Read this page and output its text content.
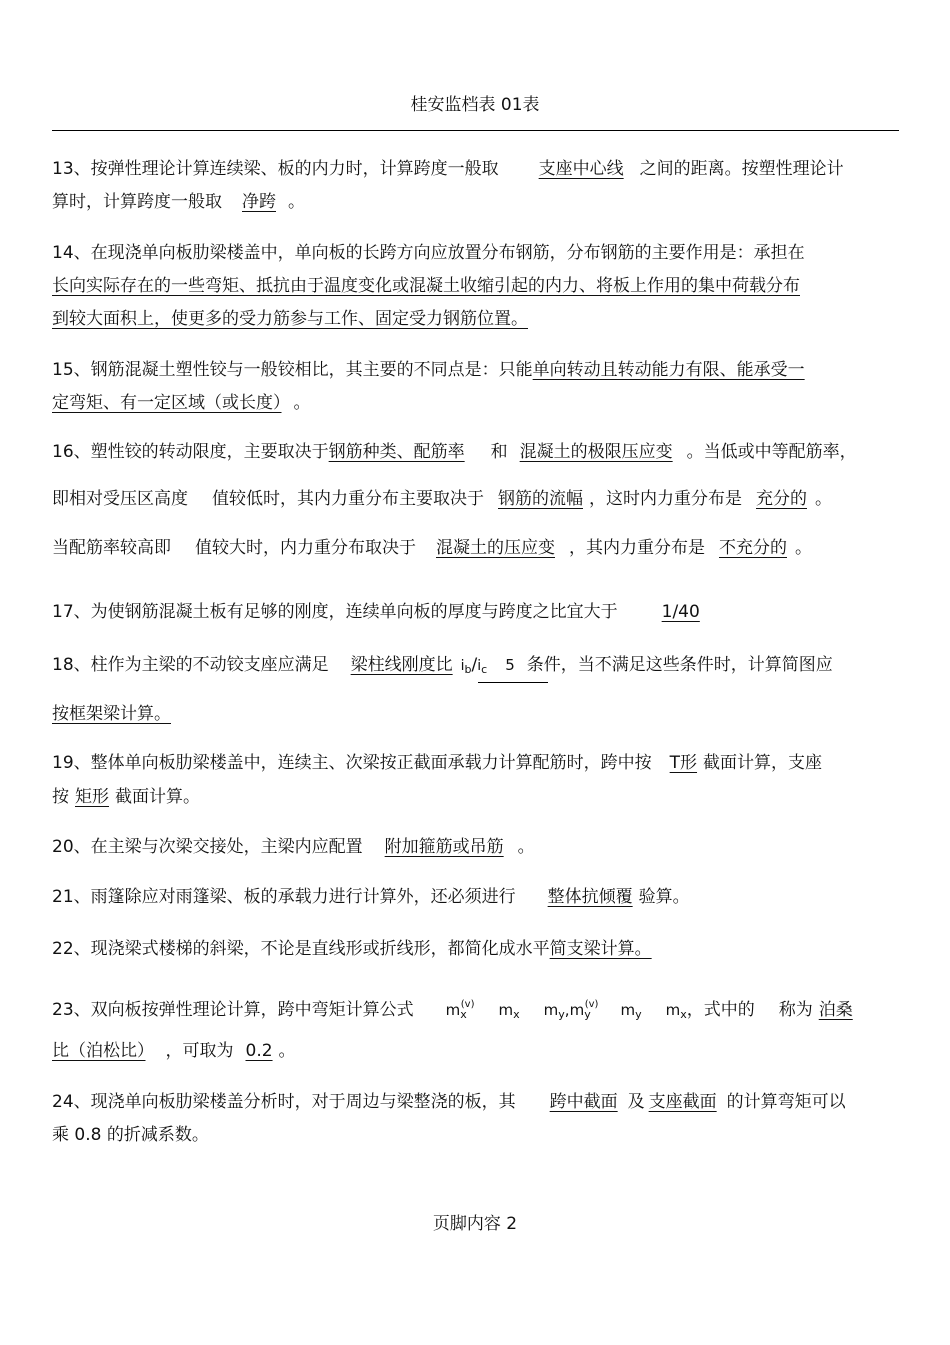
桂安监档表 01表
13、按弹性理论计算连续梁、板的内力时，计算跨度一般取 支座中心线 之间的距离。按塑性理论计
算时，计算跨度一般取 净跨 。
14、在现浇单向板肋梁楼盖中，单向板的长跨方向应放置分布钢筋，分布钢筋的主要作用是：承担在
长向实际存在的一些弯矩、抵抗由于温度变化或混凝土收缩引起的内力、将板上作用的集中荷载分布
到较大面积上，使更多的受力筋参与工作、固定受力钢筋位置。
15、钢筋混凝土塑性铰与一般铰相比，其主要的不同点是：只能单向转动且转动能力有限、能承受一
定弯矩、有一定区域（或长度） 。
16、塑性铰的转动限度，主要取决于钢筋种类、配筋率 和 混凝土的极限压应变 。当低或中等配筋率，
即相对受压区高度 值较低时，其内力重分布主要取决于 钢筋的流幅 ，这时内力重分布是 充分的 。
当配筋率较高即 值较大时，内力重分布取决于 混凝土的压应变 ，其内力重分布是 不充分的 。
17、为使钢筋混凝土板有足够的刚度，连续单向板的厚度与跨度之比宜大于	1/40
18、柱作为主梁的不动铰支座应满足 梁柱线刚度比 $i_b/i_c$ 5 条件，当不满足这些条件时，计算简图应
按框架梁计算。
19、整体单向板肋梁楼盖中，连续主、次梁按正截面承载力计算配筋时，跨中按 T形 截面计算，支座
按 矩形 截面计算。
20、在主梁与次梁交接处，主梁内应配置 附加箍筋或吊筋 。
21、雨篷除应对雨篷梁、板的承载力进行计算外，还必须进行 整体抗倾覆 验算。
22、现浇梁式楼梯的斜梁，不论是直线形或折线形，都简化成水平简支梁计算。
23、双向板按弹性理论计算，跨中弯矩计算公式 $m_x^{(v)}$ $m_x$ $m_y,m_y^{(v)}$ $m_y$ $m_x$，式中的 称为 泊桑
比（泊松比） ，可取为 0.2 。
24、现浇单向板肋梁楼盖分析时，对于周边与梁整浇的板，其 跨中截面 及 支座截面 的计算弯矩可以
乘 0.8 的折减系数。
页脚内容 2
